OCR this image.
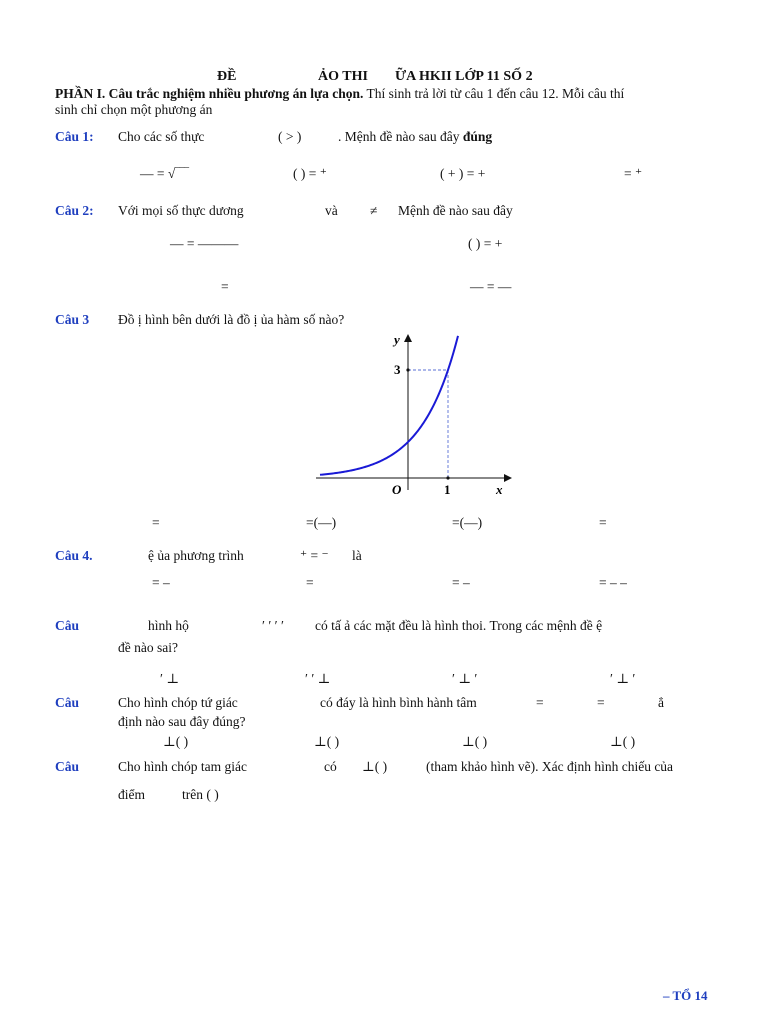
ĐỀ	ẢO THI ỮA HKII LỚP 11 SỐ 2
PHẦN I. Câu trắc nghiệm nhiều phương án lựa chọn. Thí sinh trả lời từ câu 1 đến câu 12. Mỗi câu thí
sinh chỉ chọn một phương án
Câu 1: Cho các số thực	( > )	. Mệnh đề nào sau đây đúng
— = √‾‾‾	( ) = ⁺	( + ) = +	= ⁺
Câu 2: Với mọi số thực dương	và ≠ Mệnh đề nào sau đây
— = ———	( ) = +
=	— = —
Câu 3 Đồ ị hình bên dưới là đồ ị ủa hàm số nào?
y
x
O	1
3
=	=(—)	=(—)	=
Câu 4.	ệ ủa phương trình	⁺ = ⁻ là
= –	=	= –	= – –
Câu	hình hộ	′ ′ ′ ′ có tấ ả các mặt đều là hình thoi. Trong các mệnh đề ệ
đề nào sai?
′ ⊥	′ ′ ⊥	′ ⊥ ′	′ ⊥ ′
Câu	Cho hình chóp tứ giác	có đáy là hình bình hành tâm	=	=	ẳ
định nào sau đây đúng?
⊥( )	⊥( )	⊥( )	⊥( )
Câu	Cho hình chóp tam giác	có ⊥( )	(tham khảo hình vẽ). Xác định hình chiếu của
điểm	trên ( )
– TỔ 14
